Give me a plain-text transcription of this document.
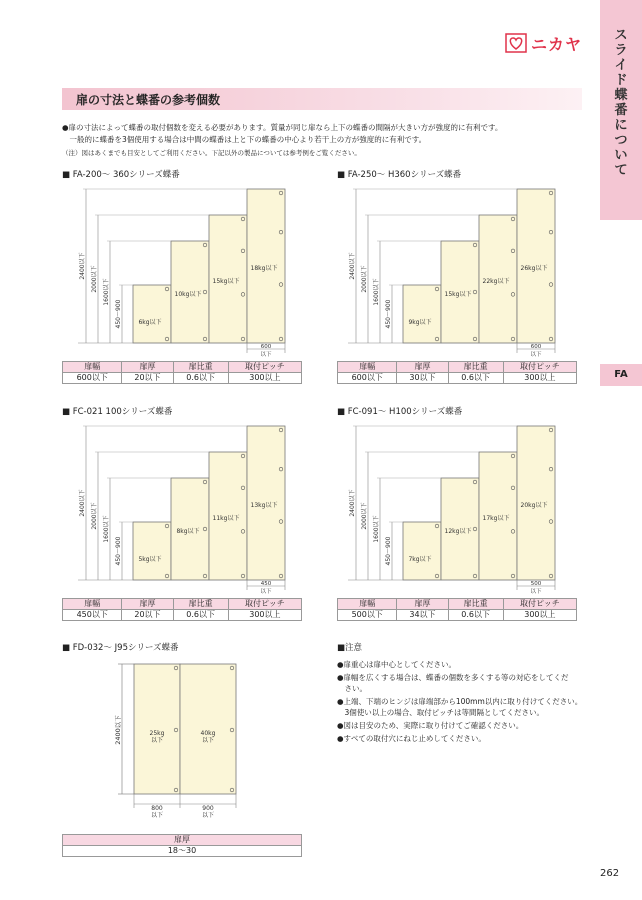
ス
ラ
イ
ド
蝶
番
に
つ
い
て
FA
ニカヤ
扉の寸法と蝶番の参考個数
●扉の寸法によって蝶番の取付個数を変える必要があります。質量が同じ扉なら上下の蝶番の間隔が大きい方が強度的に有利です。
　一般的に蝶番を3個使用する場合は中間の蝶番は上と下の蝶番の中心より若干上の方が強度的に有利です。
（注）図はあくまでも目安としてご利用ください。下記以外の製品については参考例をご覧ください。
■ FA-200〜 360シリーズ蝶番	■ FA-250〜 H360シリーズ蝶番
■ FC-021 100シリーズ蝶番	■ FC-091〜 H100シリーズ蝶番
■ FD-032〜 J95シリーズ蝶番
6kg以下
450〜900
10kg以下
1600以下	15kg以下
2000以下	18kg以下
2400以下
600
以下
9kg以下
450〜900
15kg以下
1600以下	22kg以下
2000以下	26kg以下
2400以下
600
以下
5kg以下
450〜900
8kg以下
1600以下	11kg以下
2000以下	13kg以下
2400以下
450
以下
7kg以下
450〜900
12kg以下
1600以下	17kg以下
2000以下	20kg以下
2400以下
500
以下
扉幅	扉厚	扉比重	取付ピッチ
600以下	20以下	0.6以下	300以上
扉幅	扉厚	扉比重	取付ピッチ
600以下	30以下	0.6以下	300以上
扉幅	扉厚	扉比重	取付ピッチ
450以下	20以下	0.6以下	300以上
扉幅	扉厚	扉比重	取付ピッチ
500以下	34以下	0.6以下	300以上
2400以下	25kg
以下
40kg
以下
800
以下
900
以下
扉厚
18〜30
■注意
●扉重心は扉中心としてください。
●扉幅を広くする場合は、蝶番の個数を多くする等の対応をしてくだ
　さい。
●上端、下端のヒンジは扉端部から100mm以内に取り付けてください。
　3個使い以上の場合、取付ピッチは等間隔としてください。
●図は目安のため、実際に取り付けてご確認ください。
●すべての取付穴にねじ止めしてください。
262
